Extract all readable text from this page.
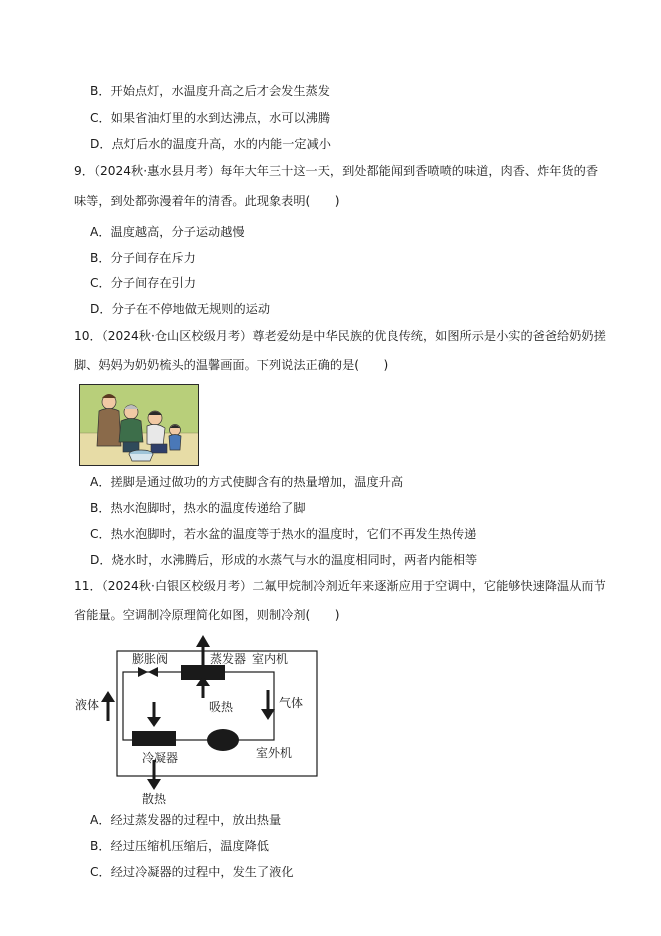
B．开始点灯，水温度升高之后才会发生蒸发
C．如果省油灯里的水到达沸点，水可以沸腾
D．点灯后水的温度升高，水的内能一定减小
9．（2024秋·惠水县月考）每年大年三十这一天，到处都能闻到香喷喷的味道，肉香、炸年货的香
味等，到处都弥漫着年的清香。此现象表明(　　)
A．温度越高，分子运动越慢
B．分子间存在斥力
C．分子间存在引力
D．分子在不停地做无规则的运动
10．（2024秋·仓山区校级月考）尊老爱幼是中华民族的优良传统，如图所示是小实的爸爸给奶奶搓
脚、妈妈为奶奶梳头的温馨画面。下列说法正确的是(　　)
A．搓脚是通过做功的方式使脚含有的热量增加，温度升高
B．热水泡脚时，热水的温度传递给了脚
C．热水泡脚时，若水盆的温度等于热水的温度时，它们不再发生热传递
D．烧水时，水沸腾后，形成的水蒸气与水的温度相同时，两者内能相等
11．（2024秋·白银区校级月考）二氟甲烷制冷剂近年来逐渐应用于空调中，它能够快速降温从而节
省能量。空调制冷原理简化如图，则制冷剂(　　)
膨胀阀	蒸发器 室内机
液体	气体
吸热
冷凝器	室外机
散热
A．经过蒸发器的过程中，放出热量
B．经过压缩机压缩后，温度降低
C．经过冷凝器的过程中，发生了液化
